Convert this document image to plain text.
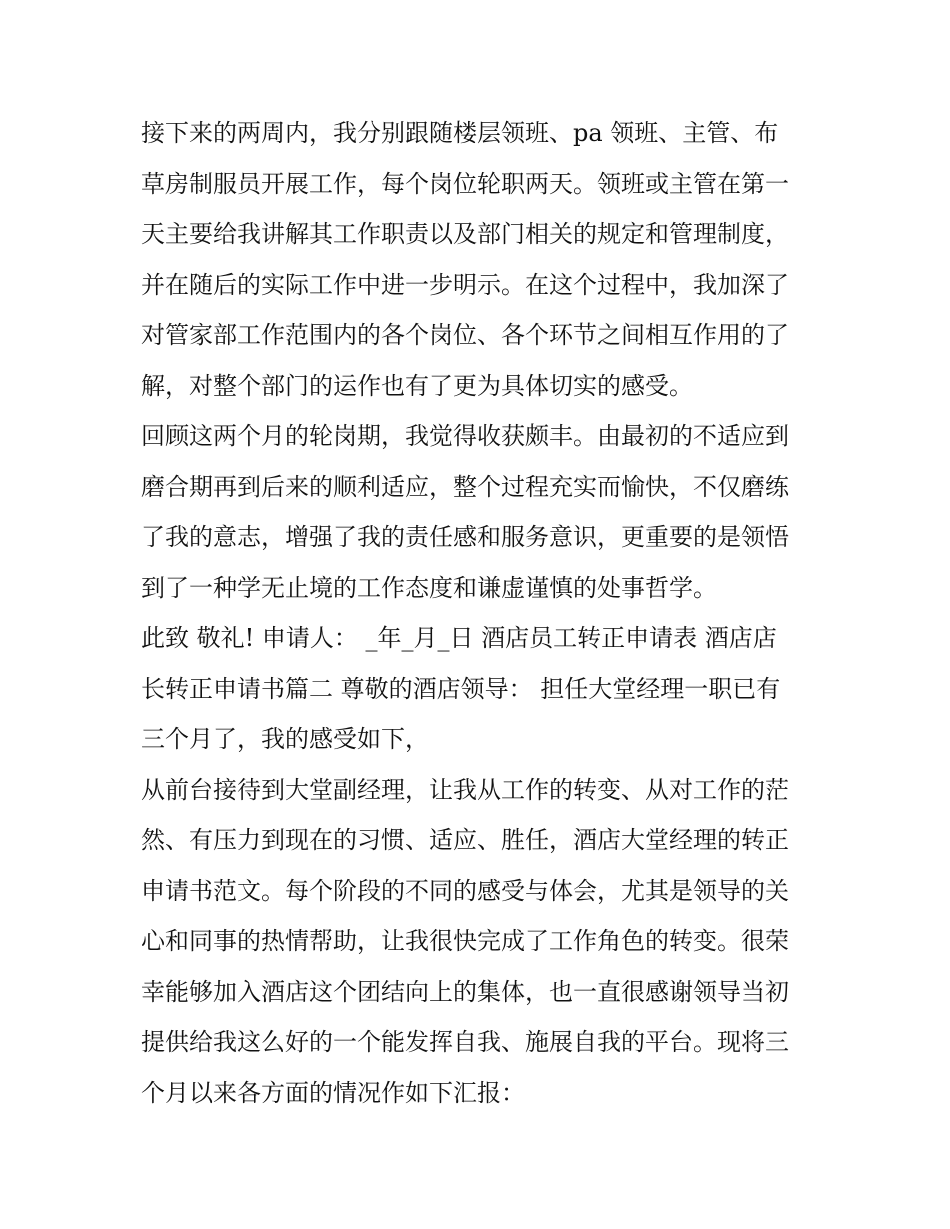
接下来的两周内，我分别跟随楼层领班、pa 领班、主管、布
草房制服员开展工作，每个岗位轮职两天。领班或主管在第一
天主要给我讲解其工作职责以及部门相关的规定和管理制度，
并在随后的实际工作中进一步明示。在这个过程中，我加深了
对管家部工作范围内的各个岗位、各个环节之间相互作用的了
解，对整个部门的运作也有了更为具体切实的感受。
回顾这两个月的轮岗期，我觉得收获颇丰。由最初的不适应到
磨合期再到后来的顺利适应，整个过程充实而愉快，不仅磨练
了我的意志，增强了我的责任感和服务意识，更重要的是领悟
到了一种学无止境的工作态度和谦虚谨慎的处事哲学。
此致 敬礼! 申请人： _年_月_日 酒店员工转正申请表 酒店店
长转正申请书篇二 尊敬的酒店领导： 担任大堂经理一职已有
三个月了，我的感受如下，
从前台接待到大堂副经理，让我从工作的转变、从对工作的茫
然、有压力到现在的习惯、适应、胜任，酒店大堂经理的转正
申请书范文。每个阶段的不同的感受与体会，尤其是领导的关
心和同事的热情帮助，让我很快完成了工作角色的转变。很荣
幸能够加入酒店这个团结向上的集体，也一直很感谢领导当初
提供给我这么好的一个能发挥自我、施展自我的平台。现将三
个月以来各方面的情况作如下汇报：
